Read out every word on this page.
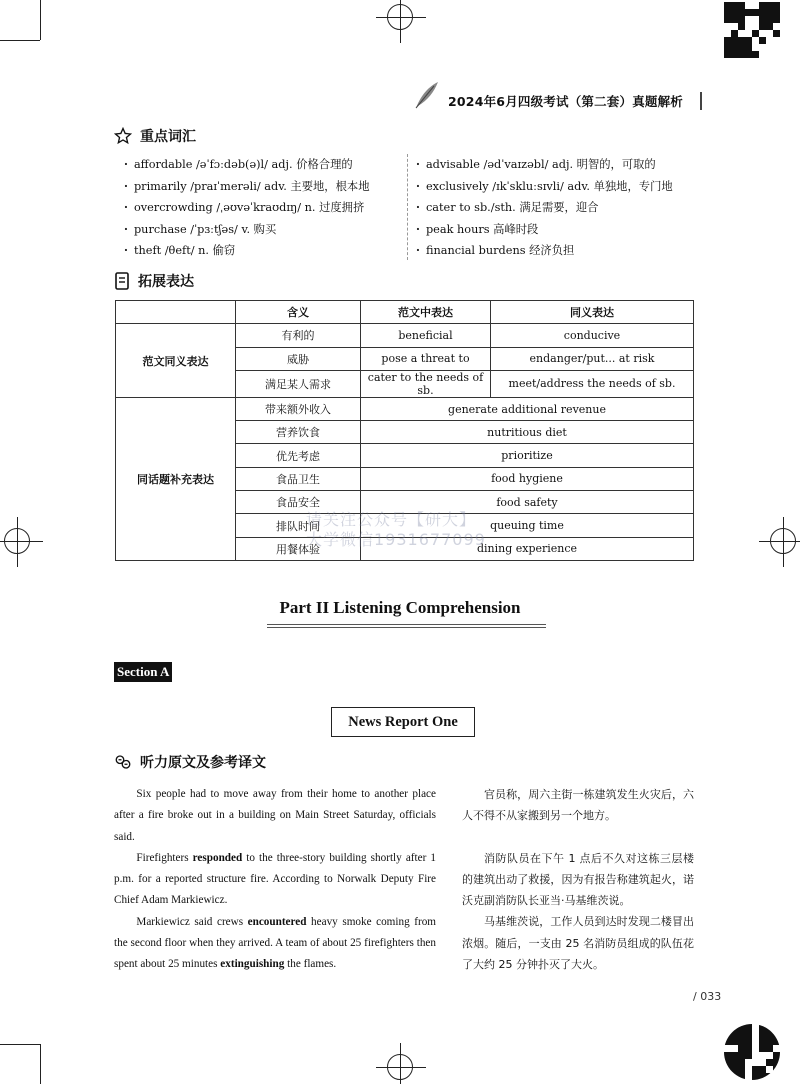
2024年6月四级考试（第二套）真题解析
重点词汇
· affordable /əˈfɔːdəb(ə)l/ adj. 价格合理的
· primarily /praɪˈmerəli/ adv. 主要地，根本地
· overcrowding /ˌəʊvəˈkraʊdɪŋ/ n. 过度拥挤
· purchase /ˈpɜːtʃəs/ v. 购买
· theft /θeft/ n. 偷窃
· advisable /ədˈvaɪzəbl/ adj. 明智的，可取的
· exclusively /ɪkˈskluːsɪvli/ adv. 单独地，专门地
· cater to sb./sth. 满足需要，迎合
· peak hours 高峰时段
· financial burdens 经济负担
拓展表达
	含义	范文中表达	同义表达
范文同义表达	有利的	beneficial	conducive
	威胁	pose a threat to	endanger/put... at risk
	满足某人需求	cater to the needs of sb.	meet/address the needs of sb.
同话题补充表达	带来额外收入	generate additional revenue	
	营养饮食	nutritious diet	
	优先考虑	prioritize	
	食品卫生	food hygiene	
	食品安全	food safety	
	排队时间	queuing time	
	用餐体验	dining experience	
请关注公众号【研大】
大学微信1931677099
Part II Listening Comprehension
Section A
News Report One
听力原文及参考译文

Six people had to move away from their home to another place after a fire broke out in a building on Main Street Saturday, officials said.

Firefighters responded to the three-story building shortly after 1 p.m. for a reported structure fire. According to Norwalk Deputy Fire Chief Adam Markiewicz.

Markiewicz said crews encountered heavy smoke coming from the second floor when they arrived. A team of about 25 firefighters then spent about 25 minutes extinguishing the flames.

官员称，周六主街一栋建筑发生火灾后，六人不得不从家搬到另一个地方。

消防队员在下午 1 点后不久对这栋三层楼的建筑出动了救援，因为有报告称建筑起火，诺沃克副消防队长亚当·马基维茨说。

马基维茨说，工作人员到达时发现二楼冒出浓烟。随后，一支由 25 名消防员组成的队伍花了大约 25 分钟扑灭了大火。

/ 033
